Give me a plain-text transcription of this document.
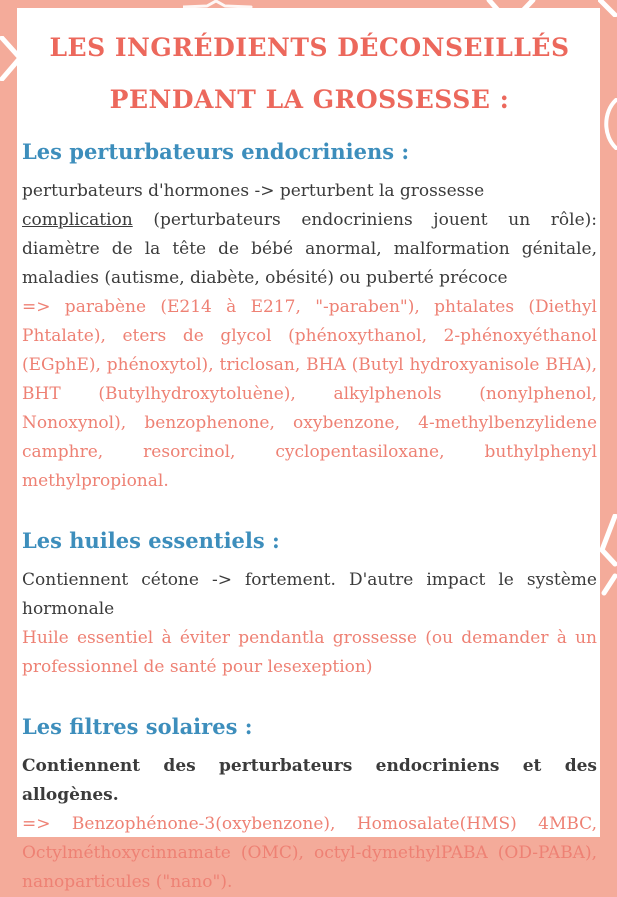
LES INGRÉDIENTS DÉCONSEILLÉS
PENDANT LA GROSSESSE :
Les perturbateurs endocriniens :

perturbateurs d'hormones -> perturbent la grossesse
complication (perturbateurs endocriniens jouent un rôle): diamètre de la tête de bébé anormal, malformation génitale, maladies (autisme, diabète, obésité) ou puberté précoce

=> parabène (E214 à E217, "-paraben"), phtalates (Diethyl Phtalate), eters de glycol (phénoxythanol, 2-phénoxyéthanol (EGphE), phénoxytol), triclosan, BHA (Butyl hydroxyanisole BHA), BHT (Butylhydroxytoluène), alkylphenols (nonylphenol, Nonoxynol), benzophenone, oxybenzone, 4-methylbenzylidene camphre, resorcinol, cyclopentasiloxane, buthylphenyl methylpropional.

Les huiles essentiels :

Contiennent cétone -> fortement. D'autre impact le système hormonale

Huile essentiel à éviter pendantla grossesse (ou demander à un professionnel de santé pour lesexeption)

Les filtres solaires :

Contiennent des perturbateurs endocriniens et des allogènes.

=> Benzophénone-3(oxybenzone), Homosalate(HMS) 4MBC, Octylméthoxycinnamate (OMC), octyl-dymethylPABA (OD-PABA), nanoparticules ("nano").
